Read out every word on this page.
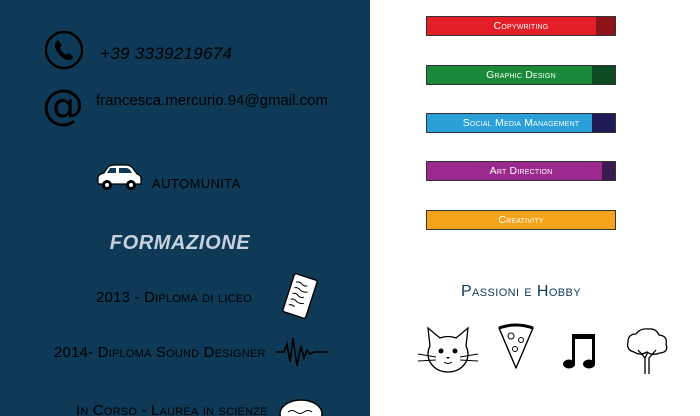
+39 3339219674
@ francesca.mercurio.94@gmail.com
AUTOMUNITA
FORMAZIONE
2013 - Diploma di liceo
2014- Diploma Sound Designer
In Corso - Laurea in scienze
Copywriting
Graphic Design
Social Media Management
Art Direction
Creativity
Passioni e Hobby
